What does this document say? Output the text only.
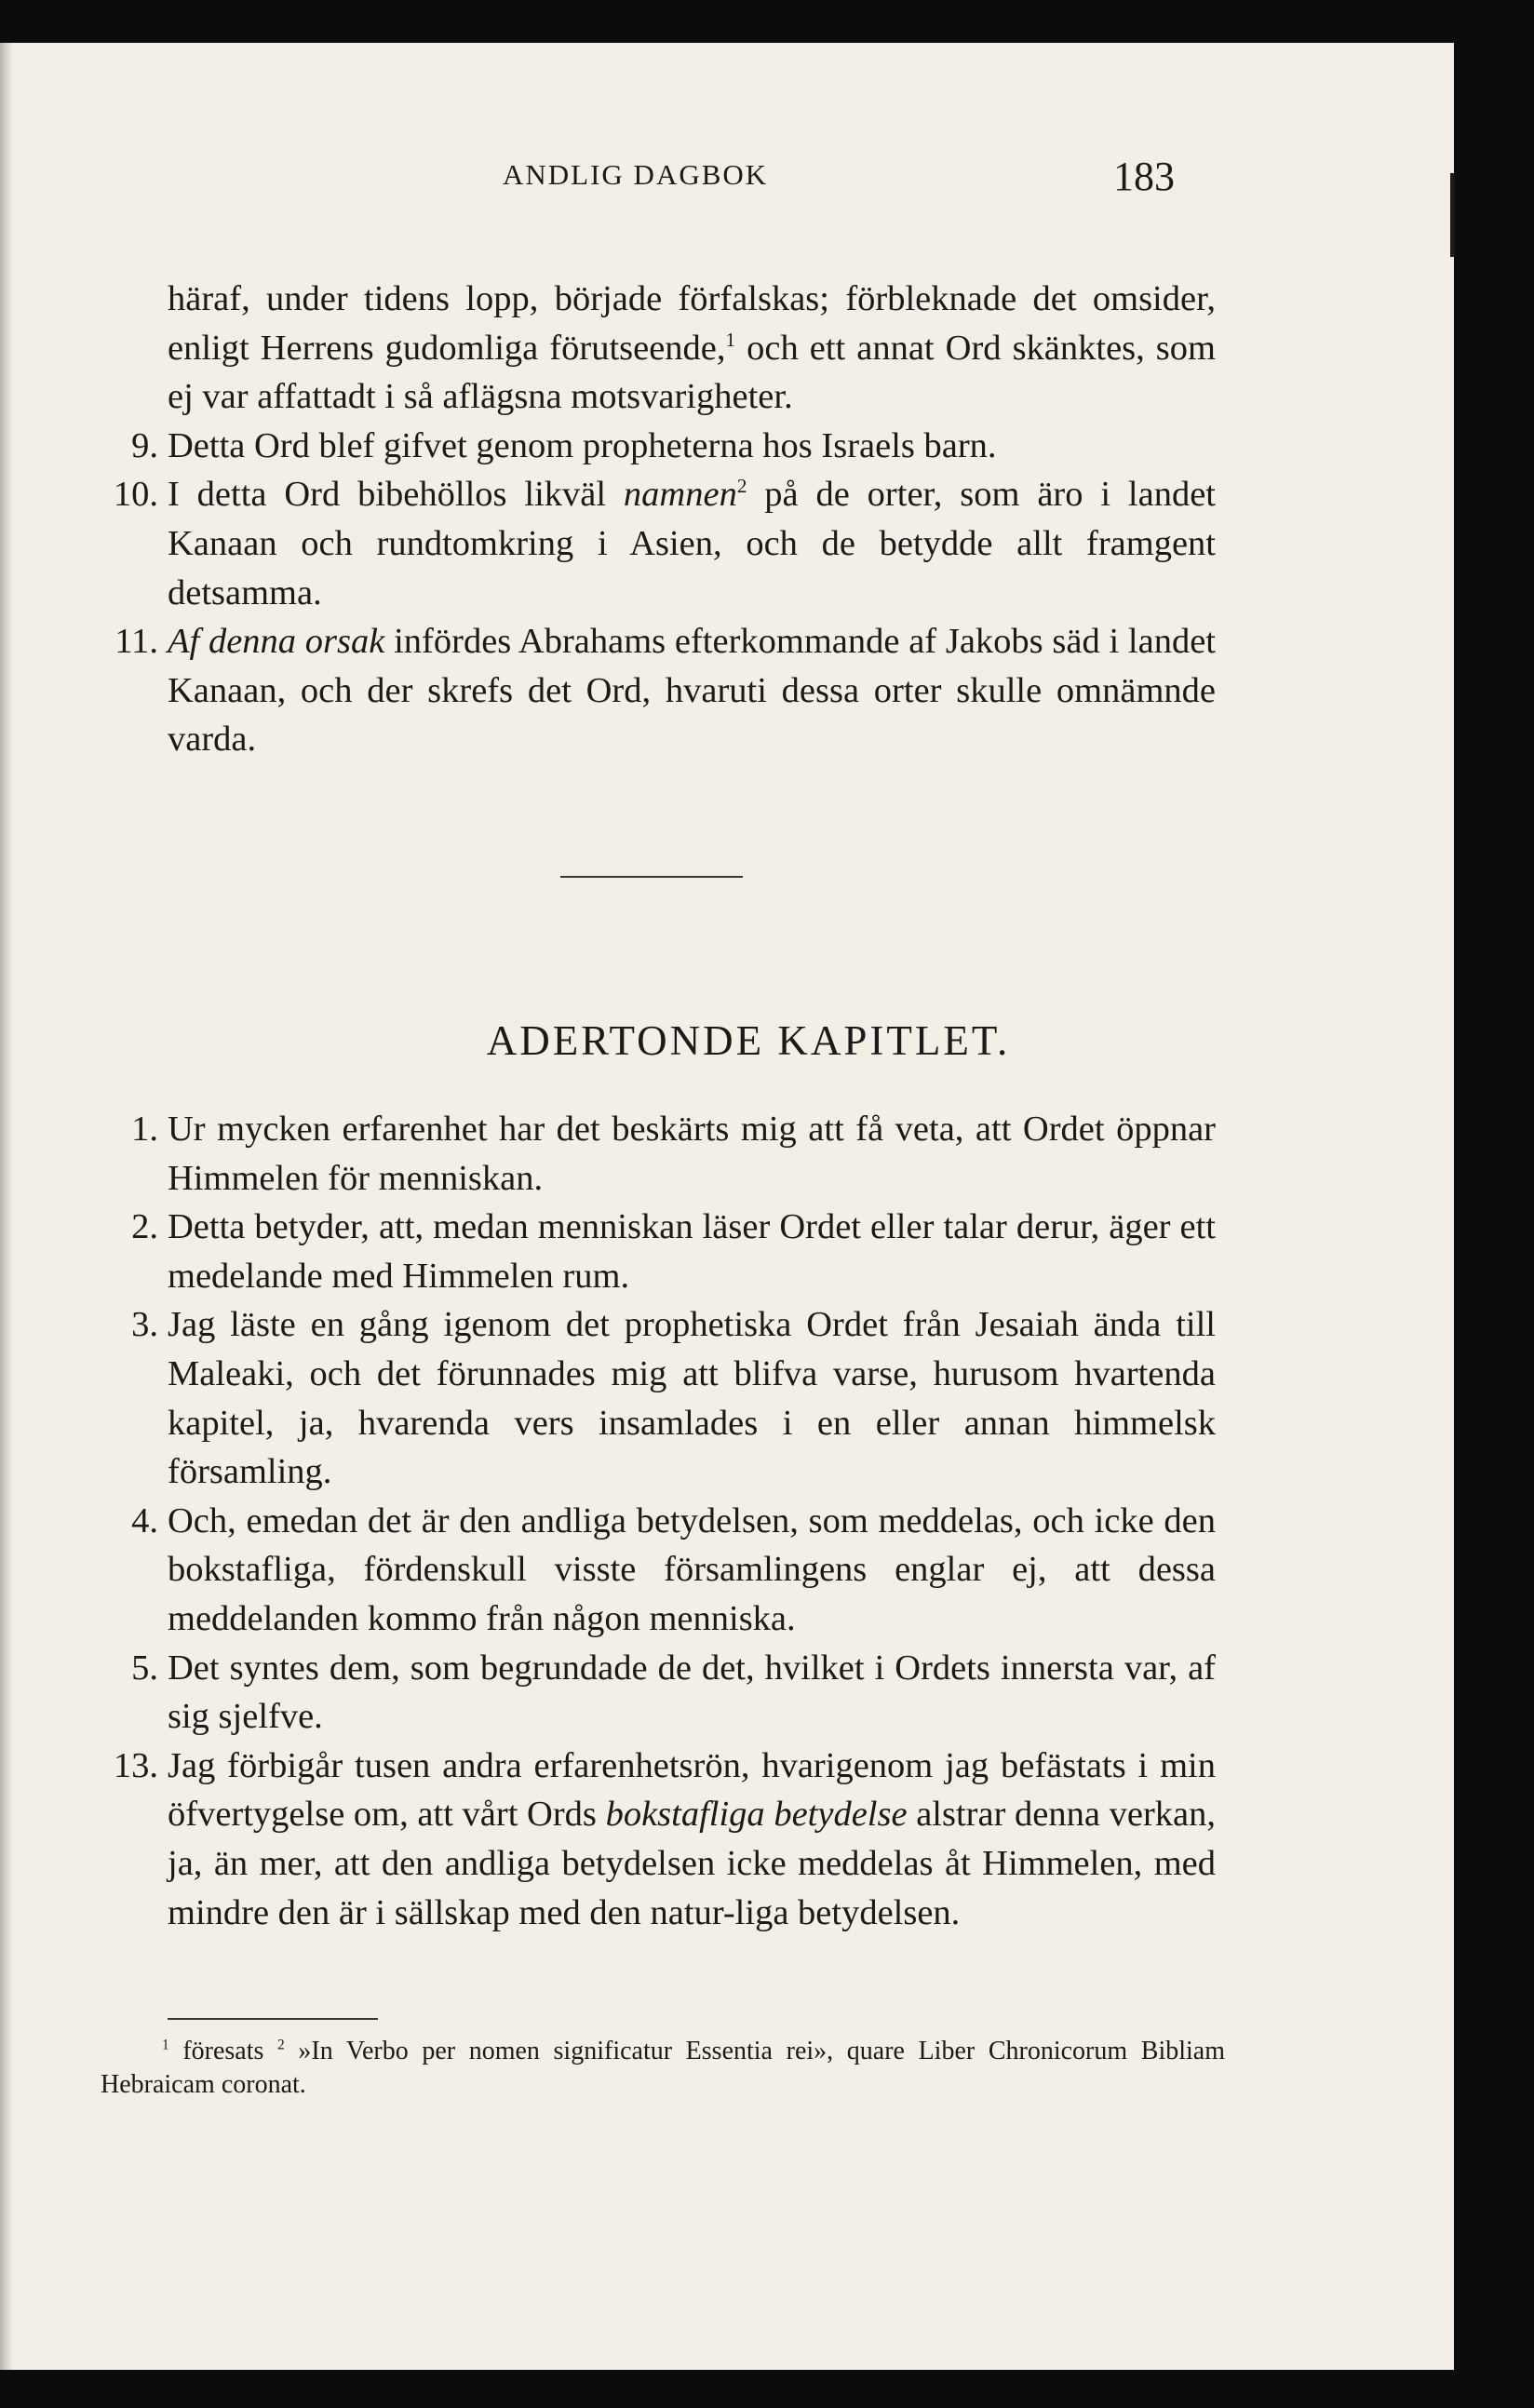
ANDLIG DAGBOK	183

häraf, under tidens lopp, började förfalskas; förbleknade det omsider, enligt Herrens gudomliga förutseende,$^1$ och ett annat Ord skänktes, som ej var affattadt i så aflägsna motsvarigheter.

9. Detta Ord blef gifvet genom propheterna hos Israels barn.

10. I detta Ord bibehöllos likväl namnen$^2$ på de orter, som äro i landet Kanaan och rundtomkring i Asien, och de betydde allt framgent detsamma.

11. Af denna orsak infördes Abrahams efterkommande af Jakobs säd i landet Kanaan, och der skrefs det Ord, hvaruti dessa orter skulle omnämnde varda.

ADERTONDE KAPITLET.

1. Ur mycken erfarenhet har det beskärts mig att få veta, att Ordet öppnar Himmelen för menniskan.

2. Detta betyder, att, medan menniskan läser Ordet eller talar derur, äger ett medelande med Himmelen rum.

3. Jag läste en gång igenom det prophetiska Ordet från Jesaiah ända till Maleaki, och det förunnades mig att blifva varse, hurusom hvartenda kapitel, ja, hvarenda vers insamlades i en eller annan himmelsk församling.

4. Och, emedan det är den andliga betydelsen, som meddelas, och icke den bokstafliga, fördenskull visste församlingens englar ej, att dessa meddelanden kommo från någon menniska.

5. Det syntes dem, som begrundade de det, hvilket i Ordets innersta var, af sig sjelfve.

13. Jag förbigår tusen andra erfarenhetsrön, hvarigenom jag befästats i min öfvertygelse om, att vårt Ords bokstafliga betydelse alstrar denna verkan, ja, än mer, att den andliga betydelsen icke meddelas åt Himmelen, med mindre den är i sällskap med den natur-liga betydelsen.

$^1$ föresats $^2$ »In Verbo per nomen significatur Essentia rei», quare Liber Chronicorum Bibliam Hebraicam coronat.
